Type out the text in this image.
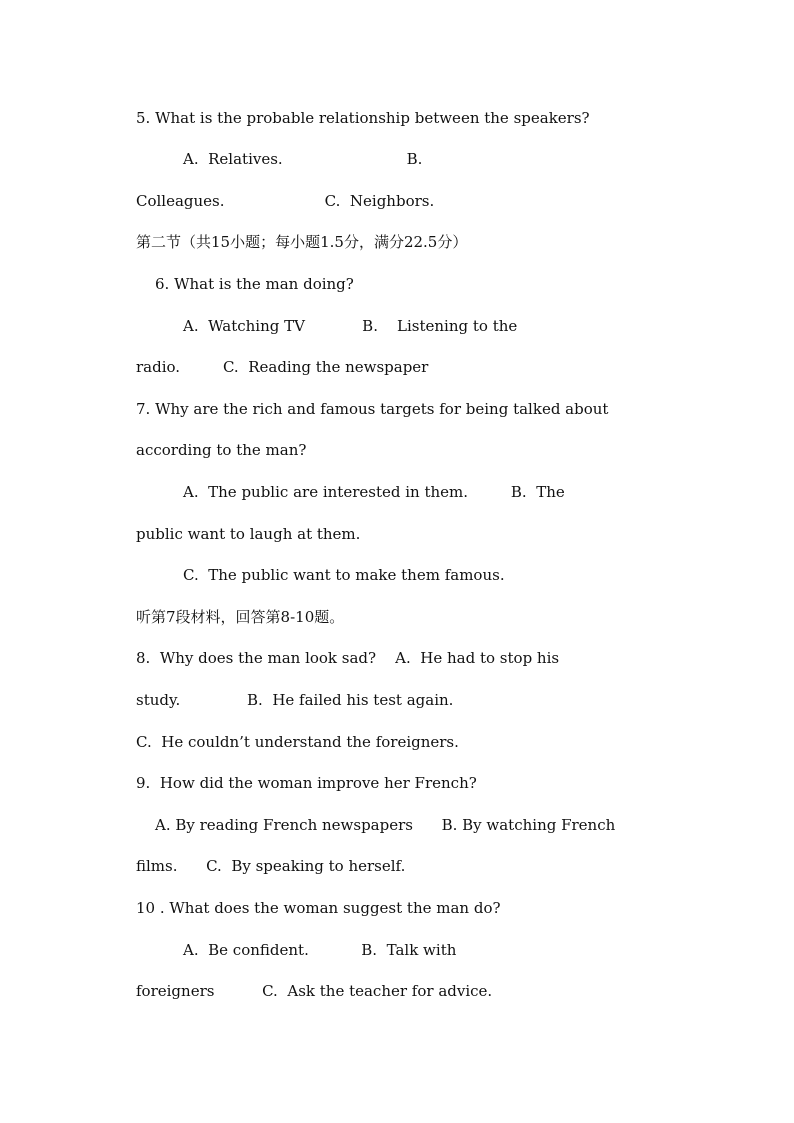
5. What is the probable relationship between the speakers?

A.  Relatives.                          B.

Colleagues.                     C.  Neighbors.

第二节（共15小题；每小题1.5分，满分22.5分）

6. What is the man doing?

A.  Watching TV            B.    Listening to the

radio.         C.  Reading the newspaper

7. Why are the rich and famous targets for being talked about

according to the man?

A.  The public are interested in them.         B.  The

public want to laugh at them.

C.  The public want to make them famous.

听第7段材料，回答第8-10题。

8.  Why does the man look sad?    A.  He had to stop his

study.              B.  He failed his test again.

C.  He couldn’t understand the foreigners.

9.  How did the woman improve her French?

A. By reading French newspapers      B. By watching French

films.      C.  By speaking to herself.

10 . What does the woman suggest the man do?

A.  Be confident.           B.  Talk with

foreigners          C.  Ask the teacher for advice.
